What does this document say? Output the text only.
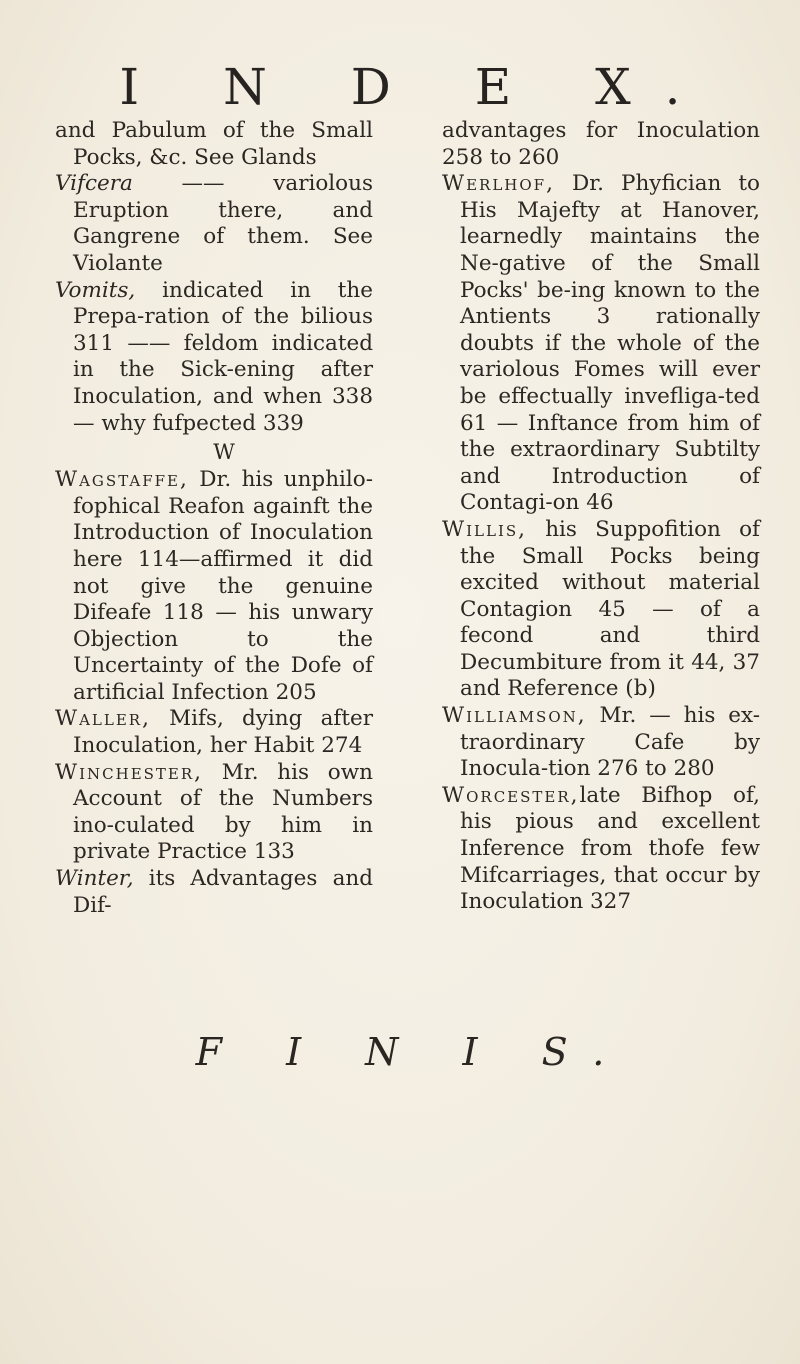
I N D E X.

and Pabulum of the Small Pocks, &c. See Glands

Vifcera —— variolous Eruption there, and Gangrene of them. See Violante

Vomits, indicated in the Prepa-ration of the bilious 311 —— feldom indicated in the Sick-ening after Inoculation, and when 338 — why fufpected 339

W

Wagstaffe, Dr. his unphilo-fophical Reafon againft the Introduction of Inoculation here 114—affirmed it did not give the genuine Difeafe 118 — his unwary Objection to the Uncertainty of the Dofe of artificial Infection 205

Waller, Mifs, dying after Inoculation, her Habit 274

Winchester, Mr. his own Account of the Numbers ino-culated by him in private Practice 133

Winter, its Advantages and Dif-

advantages for Inoculation 258 to 260

Werlhof, Dr. Phyfician to His Majefty at Hanover, learnedly maintains the Ne-gative of the Small Pocks' be-ing known to the Antients 3 rationally doubts if the whole of the variolous Fomes will ever be effectually invefliga-ted 61 — Inftance from him of the extraordinary Subtilty and Introduction of Contagi-on 46

Willis, his Suppofition of the Small Pocks being excited without material Contagion 45 — of a fecond and third Decumbiture from it 44, 37 and Reference (b)

Williamson, Mr. — his ex-traordinary Cafe by Inocula-tion 276 to 280

Worcester,late Bifhop of, his pious and excellent Inference from thofe few Mifcarriages, that occur by Inoculation 327

F I N I S.
